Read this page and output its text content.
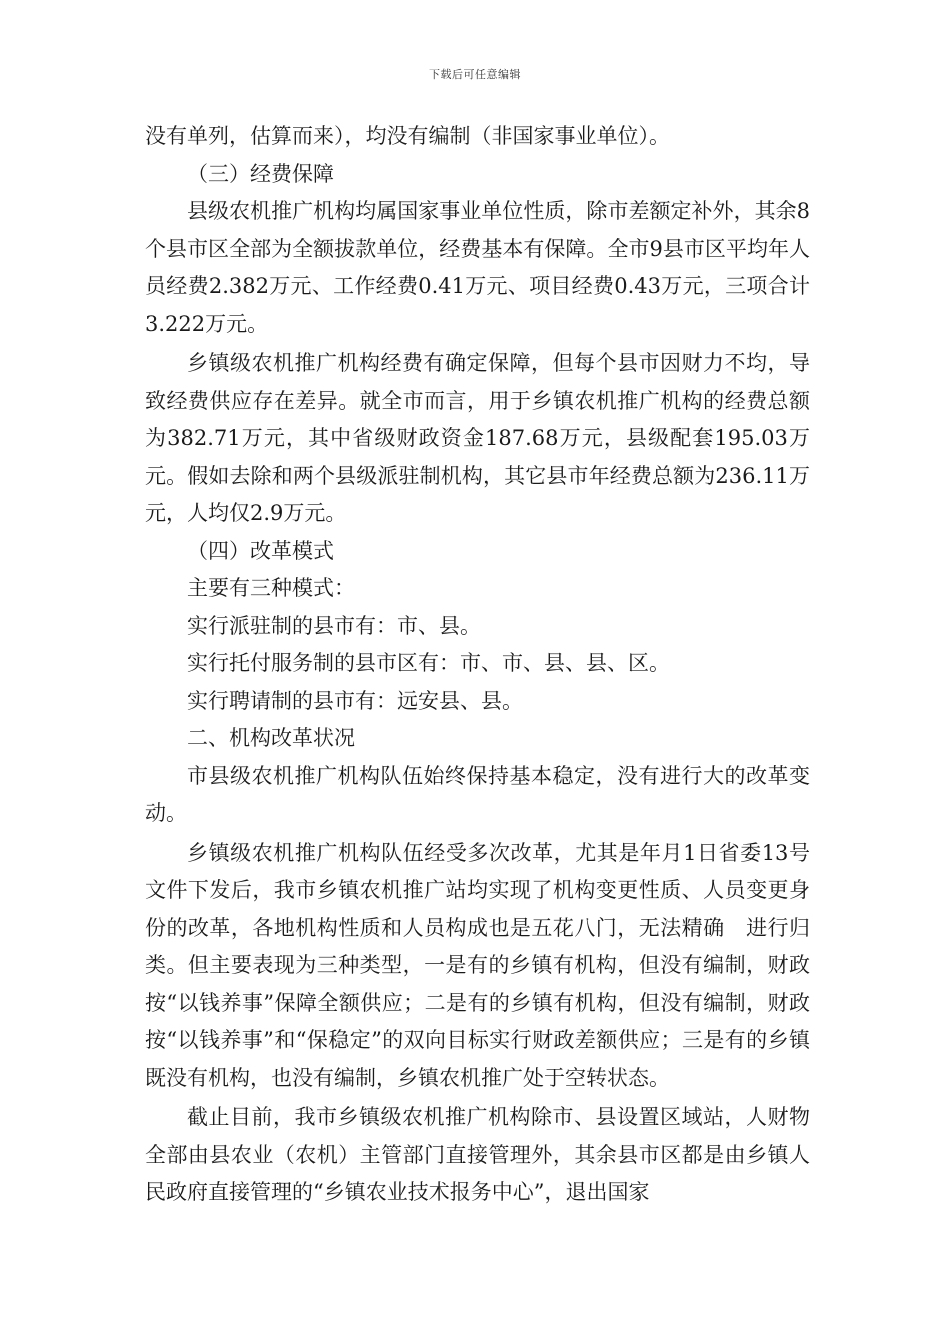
下载后可任意编辑

没有单列，估算而来），均没有编制（非国家事业单位）。

（三）经费保障

县级农机推广机构均属国家事业单位性质，除市差额定补外，其余8个县市区全部为全额拔款单位，经费基本有保障。全市9县市区平均年人员经费2.382万元、工作经费0.41万元、项目经费0.43万元，三项合计3.222万元。

乡镇级农机推广机构经费有确定保障，但每个县市因财力不均，导致经费供应存在差异。就全市而言，用于乡镇农机推广机构的经费总额为382.71万元，其中省级财政资金187.68万元，县级配套195.03万元。假如去除和两个县级派驻制机构，其它县市年经费总额为236.11万元，人均仅2.9万元。

（四）改革模式

主要有三种模式：

实行派驻制的县市有：市、县。

实行托付服务制的县市区有：市、市、县、县、区。

实行聘请制的县市有：远安县、县。

二、机构改革状况

市县级农机推广机构队伍始终保持基本稳定，没有进行大的改革变动。

乡镇级农机推广机构队伍经受多次改革，尤其是年月1日省委13号文件下发后，我市乡镇农机推广站均实现了机构变更性质、人员变更身份的改革，各地机构性质和人员构成也是五花八门，无法精确　进行归类。但主要表现为三种类型，一是有的乡镇有机构，但没有编制，财政按“以钱养事”保障全额供应；二是有的乡镇有机构，但没有编制，财政按“以钱养事”和“保稳定”的双向目标实行财政差额供应；三是有的乡镇既没有机构，也没有编制，乡镇农机推广处于空转状态。

截止目前，我市乡镇级农机推广机构除市、县设置区域站，人财物全部由县农业（农机）主管部门直接管理外，其余县市区都是由乡镇人民政府直接管理的“乡镇农业技术报务中心”，退出国家
